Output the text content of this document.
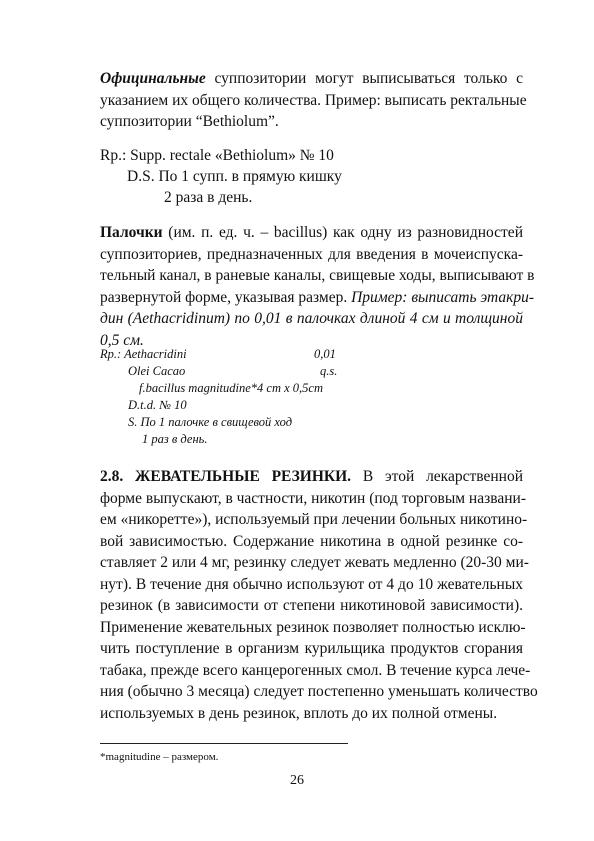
Официнальные суппозитории могут выписываться только с
указанием их общего количества. Пример: выписать ректальные
суппозитории “Bethiolum”.

Rp.: Supp. rectale «Bethiolum» № 10

D.S. По 1 супп. в прямую кишку

2 раза в день.

Палочки (им. п. ед. ч. – bacillus) как одну из разновидностей
суппозиториев, предназначенных для введения в мочеиспуска-
тельный канал, в раневые каналы, свищевые ходы, выписывают в
развернутой форме, указывая размер. Пример: выписать этакри-
дин (Aethacridinum) по 0,01 в палочках длиной 4 см и толщиной
0,5 см.

Rp.: Aethacridini	0,01

Olei Cacao	q.s.

f.bacillus magnitudine*4 cm x 0,5cm

D.t.d. № 10

S. По 1 палочке в свищевой ход

1 раз в день.

2.8. ЖЕВАТЕЛЬНЫЕ РЕЗИНКИ. В этой лекарственной
форме выпускают, в частности, никотин (под торговым названи-
ем «никоретте»), используемый при лечении больных никотино-
вой зависимостью. Содержание никотина в одной резинке со-
ставляет 2 или 4 мг, резинку следует жевать медленно (20-30 ми-
нут). В течение дня обычно используют от 4 до 10 жевательных
резинок (в зависимости от степени никотиновой зависимости).
Применение жевательных резинок позволяет полностью исклю-
чить поступление в организм курильщика продуктов сгорания
табака, прежде всего канцерогенных смол. В течение курса лече-
ния (обычно 3 месяца) следует постепенно уменьшать количество
используемых в день резинок, вплоть до их полной отмены.

*magnitudine – размером.

26
